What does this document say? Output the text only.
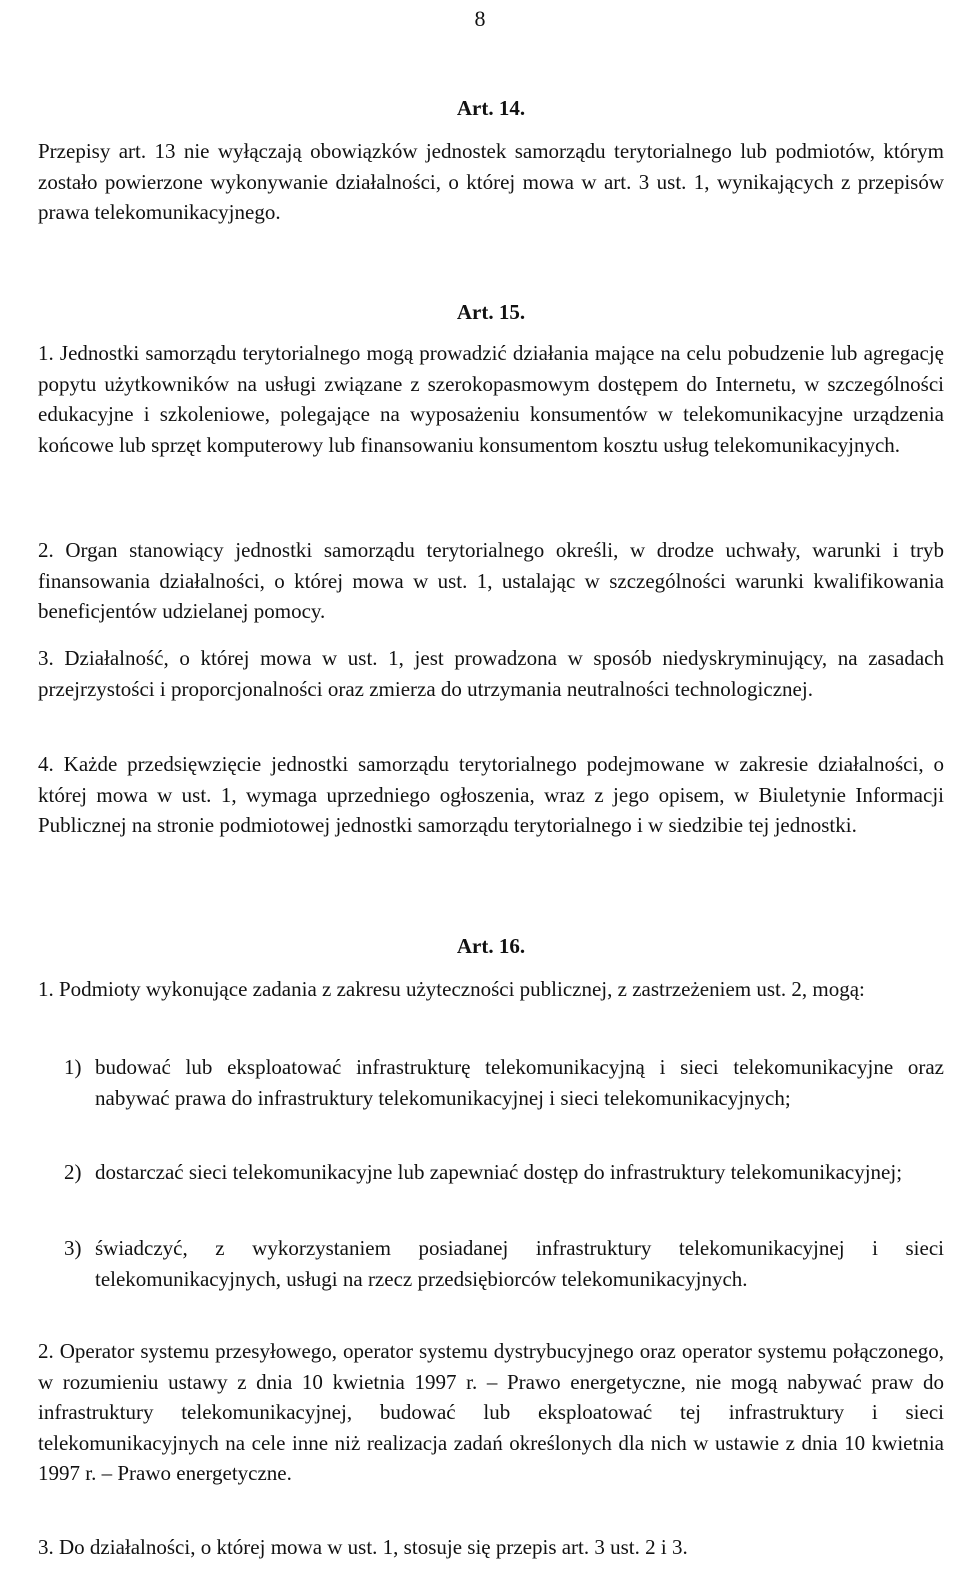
8
Art. 14.

Przepisy art. 13 nie wyłączają obowiązków jednostek samorządu terytorialnego lub podmiotów, którym zostało powierzone wykonywanie działalności, o której mowa w art. 3 ust. 1, wynikających z przepisów prawa telekomunikacyjnego.

Art. 15.

1. Jednostki samorządu terytorialnego mogą prowadzić działania mające na celu pobudzenie lub agregację popytu użytkowników na usługi związane z szerokopasmowym dostępem do Internetu, w szczególności edukacyjne i szkoleniowe, polegające na wyposażeniu konsumentów w telekomunikacyjne urządzenia końcowe lub sprzęt komputerowy lub finansowaniu konsumentom kosztu usług telekomunikacyjnych.

2. Organ stanowiący jednostki samorządu terytorialnego określi, w drodze uchwały, warunki i tryb finansowania działalności, o której mowa w ust. 1, ustalając w szczególności warunki kwalifikowania beneficjentów udzielanej pomocy.

3. Działalność, o której mowa w ust. 1, jest prowadzona w sposób niedyskryminujący, na zasadach przejrzystości i proporcjonalności oraz zmierza do utrzymania neutralności technologicznej.

4. Każde przedsięwzięcie jednostki samorządu terytorialnego podejmowane w zakresie działalności, o której mowa w ust. 1, wymaga uprzedniego ogłoszenia, wraz z jego opisem, w Biuletynie Informacji Publicznej na stronie podmiotowej jednostki samorządu terytorialnego i w siedzibie tej jednostki.

Art. 16.

1. Podmioty wykonujące zadania z zakresu użyteczności publicznej, z zastrzeżeniem ust. 2, mogą:

1) budować lub eksploatować infrastrukturę telekomunikacyjną i sieci telekomunikacyjne oraz nabywać prawa do infrastruktury telekomunikacyjnej i sieci telekomunikacyjnych;
2) dostarczać sieci telekomunikacyjne lub zapewniać dostęp do infrastruktury telekomunikacyjnej;
3) świadczyć, z wykorzystaniem posiadanej infrastruktury telekomunikacyjnej i sieci telekomunikacyjnych, usługi na rzecz przedsiębiorców telekomunikacyjnych.

2. Operator systemu przesyłowego, operator systemu dystrybucyjnego oraz operator systemu połączonego, w rozumieniu ustawy z dnia 10 kwietnia 1997 r. – Prawo energetyczne, nie mogą nabywać praw do infrastruktury telekomunikacyjnej, budować lub eksploatować tej infrastruktury i sieci telekomunikacyjnych na cele inne niż realizacja zadań określonych dla nich w ustawie z dnia 10 kwietnia 1997 r. – Prawo energetyczne.

3. Do działalności, o której mowa w ust. 1, stosuje się przepis art. 3 ust. 2 i 3.
